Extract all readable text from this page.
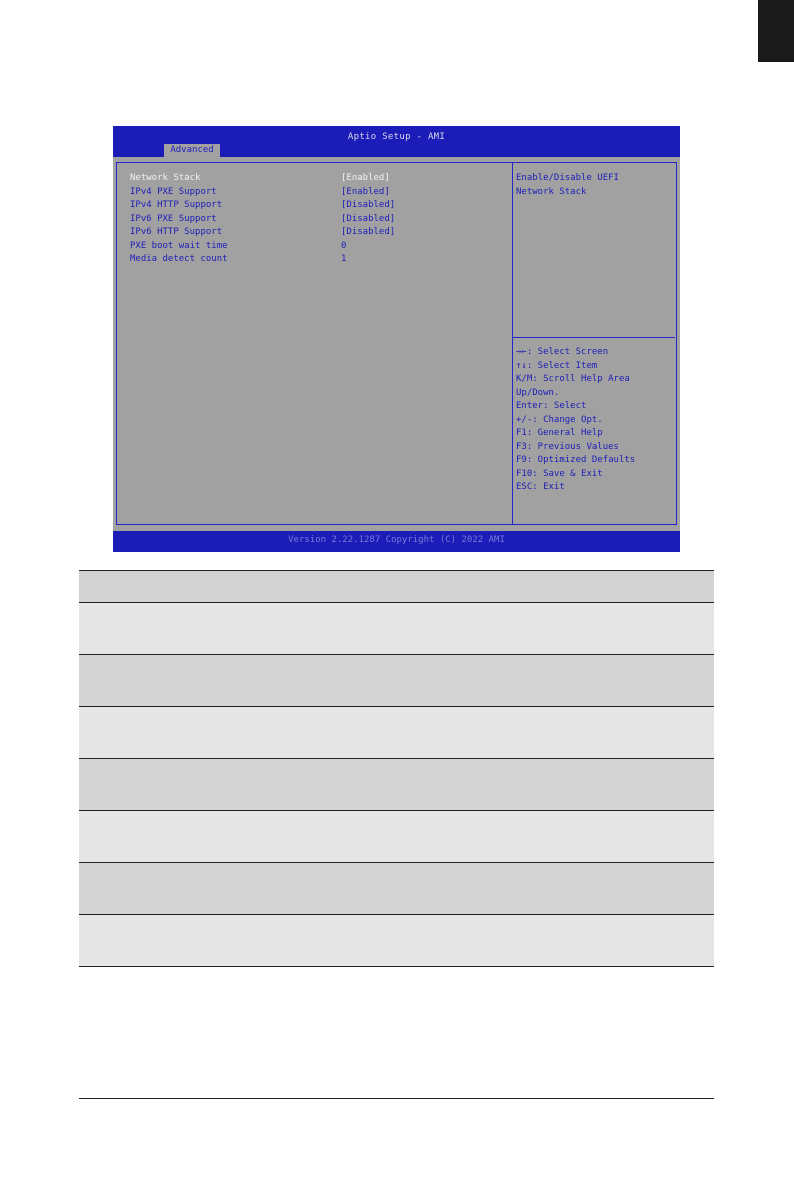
Aptio Setup - AMI
Advanced
Network Stack	[Enabled]
IPv4 PXE Support	[Enabled]
IPv4 HTTP Support	[Disabled]
IPv6 PXE Support	[Disabled]
IPv6 HTTP Support	[Disabled]
PXE boot wait time	0
Media detect count	1
Enable/Disable UEFI
Network Stack
→←: Select Screen
↑↓: Select Item
K/M: Scroll Help Area
Up/Down.
Enter: Select
+/-: Change Opt.
F1: General Help
F3: Previous Values
F9: Optimized Defaults
F10: Save & Exit
ESC: Exit
Version 2.22.1287 Copyright (C) 2022 AMI
